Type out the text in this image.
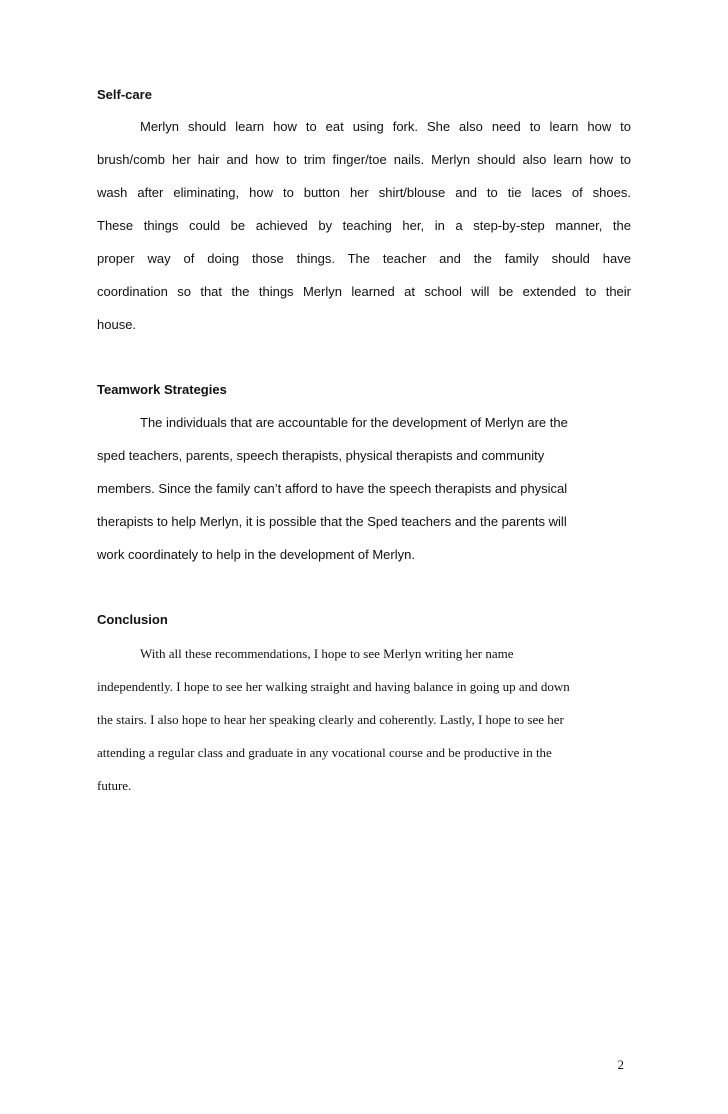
Self-care
Merlyn should learn how to eat using fork. She also need to learn how to
brush/comb her hair and how to trim finger/toe nails. Merlyn should also learn how to
wash after eliminating, how to button her shirt/blouse and to tie laces of shoes.
These things could be achieved by teaching her, in a step-by-step manner, the
proper way of doing those things. The teacher and the family should have
coordination so that the things Merlyn learned at school will be extended to their
house.
Teamwork Strategies
The individuals that are accountable for the development of Merlyn are the
sped teachers, parents, speech therapists, physical therapists and community
members. Since the family can’t afford to have the speech therapists and physical
therapists to help Merlyn, it is possible that the Sped teachers and the parents will
work coordinately to help in the development of Merlyn.
Conclusion
With all these recommendations, I hope to see Merlyn writing her name
independently. I hope to see her walking straight and having balance in going up and down
the stairs. I also hope to hear her speaking clearly and coherently. Lastly, I hope to see her
attending a regular class and graduate in any vocational course and be productive in the
future.
2
